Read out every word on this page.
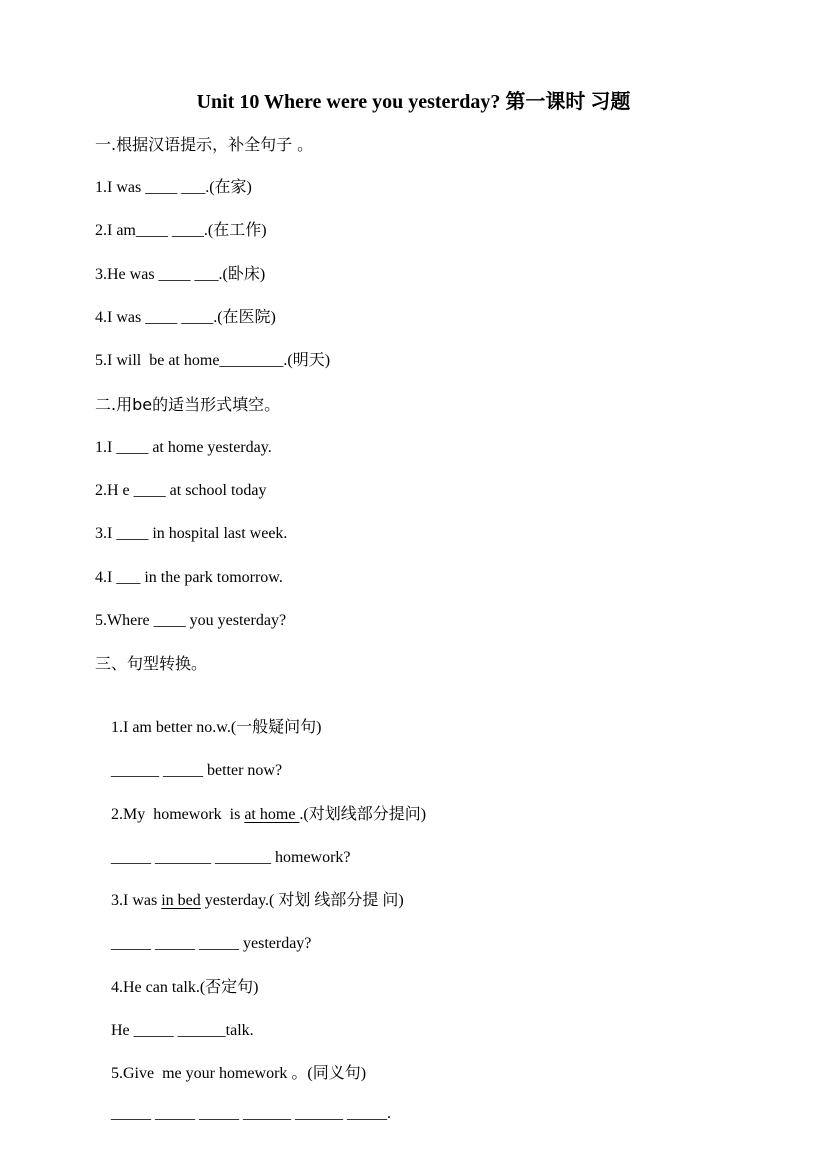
Unit 10 Where were you yesterday? 第一课时 习题
一.根据汉语提示，补全句子 。
1.I was ____ ___.(在家)
2.I am____ ____.(在工作)
3.He was ____ ___.(卧床)
4.I was ____ ____.(在医院)
5.I will  be at home________.(明天)
二.用be的适当形式填空。
1.I ____ at home yesterday.
2.H e ____ at school today
3.I ____ in hospital last week.
4.I ___ in the park tomorrow.
5.Where ____ you yesterday?
三、句型转换。

1.I am better no.w.(一般疑问句)

______ _____ better now?

2.My  homework  is at home .(对划线部分提问)

_____ _______ _______ homework?

3.I was in bed yesterday.( 对划 线部分提 问)

_____ _____ _____ yesterday?

4.He can talk.(否定句)

He _____ ______talk.

5.Give  me your homework 。(同义句)

_____ _____ _____ ______ ______ _____.
